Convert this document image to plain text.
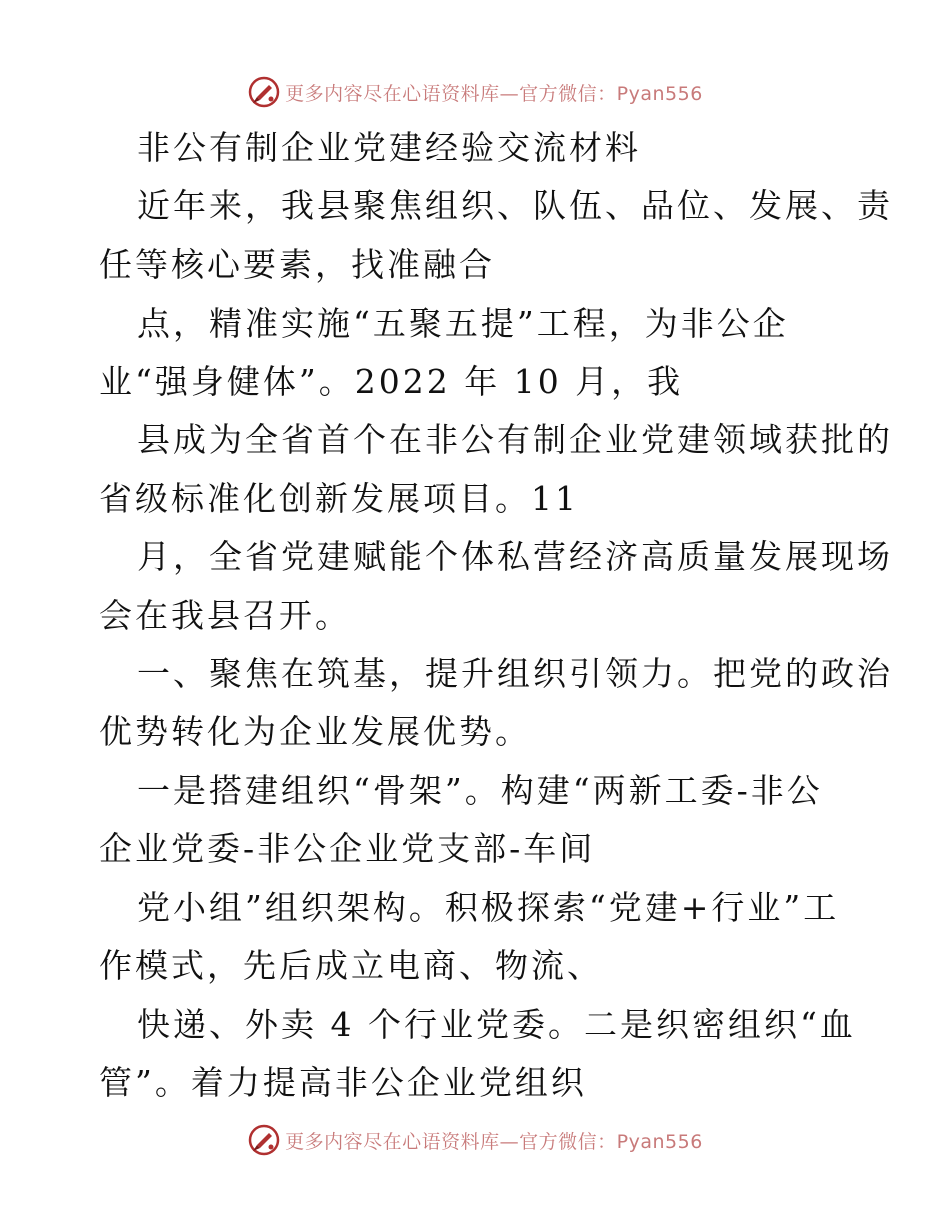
更多内容尽在心语资料库—官方微信：Pyan556
非公有制企业党建经验交流材料
近年来，我县聚焦组织、队伍、品位、发展、责
任等核心要素，找准融合
点，精准实施“五聚五提”工程，为非公企
业“强身健体”。2022 年 10 月，我
县成为全省首个在非公有制企业党建领域获批的
省级标准化创新发展项目。11
月，全省党建赋能个体私营经济高质量发展现场
会在我县召开。
一、聚焦在筑基，提升组织引领力。把党的政治
优势转化为企业发展优势。
一是搭建组织“骨架”。构建“两新工委-非公
企业党委-非公企业党支部-车间
党小组”组织架构。积极探索“党建+行业”工
作模式，先后成立电商、物流、
快递、外卖 4 个行业党委。二是织密组织“血
管”。着力提高非公企业党组织
更多内容尽在心语资料库—官方微信：Pyan556
